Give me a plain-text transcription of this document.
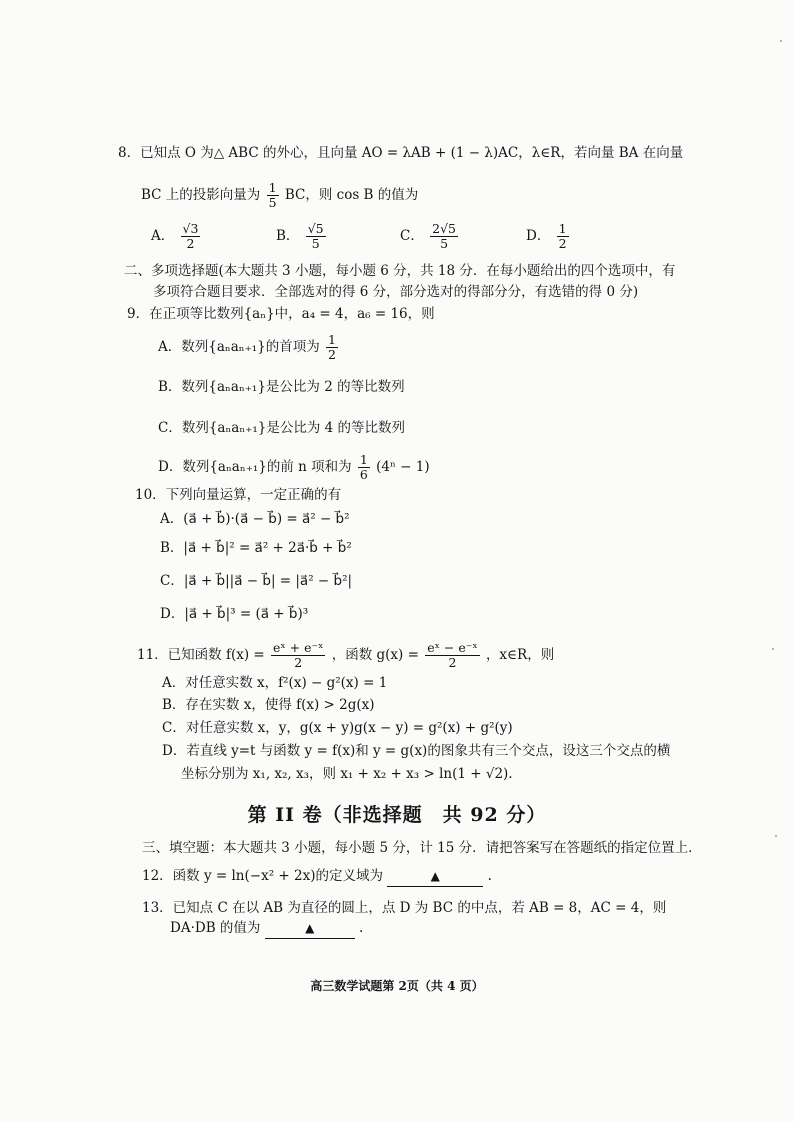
8．已知点 O 为△ ABC 的外心，且向量 AO = λAB + (1 − λ)AC，λ∈R，若向量 BA 在向量
BC 上的投影向量为 $\frac{1}{5}$ BC，则 cos B 的值为
A． $\frac{√3}{2}$	B． $\frac{√5}{5}$	C． $\frac{2√5}{5}$	D． $\frac{1}{2}$
二、多项选择题(本大题共 3 小题，每小题 6 分，共 18 分．在每小题给出的四个选项中，有
多项符合题目要求．全部选对的得 6 分，部分选对的得部分分，有选错的得 0 分)
9．在正项等比数列{aₙ}中，a₄ = 4，a₆ = 16，则
A．数列{aₙaₙ₊₁}的首项为 $\frac{1}{2}$
B．数列{aₙaₙ₊₁}是公比为 2 的等比数列
C．数列{aₙaₙ₊₁}是公比为 4 的等比数列
D．数列{aₙaₙ₊₁}的前 n 项和为 $\frac{1}{6} (4^n - 1)$
10．下列向量运算，一定正确的有
A．(a⃗ + b⃗)·(a⃗ − b⃗) = a⃗² − b⃗²
B．|a⃗ + b⃗|² = a⃗² + 2a⃗·b⃗ + b⃗²
C．|a⃗ + b⃗||a⃗ − b⃗| = |a⃗² − b⃗²|
D．|a⃗ + b⃗|³ = (a⃗ + b⃗)³
11．已知函数 $f(x) = \frac{\text{eˣ + e⁻ˣ}}{2}$ ，函数 $g(x) = \frac{\text{eˣ − e⁻ˣ}}{2}$ ，x∈R，则
A．对任意实数 x，f²(x) − g²(x) = 1
B．存在实数 x，使得 f(x) > 2g(x)
C．对任意实数 x，y，g(x + y)g(x − y) = g²(x) + g²(y)
D．若直线 y=t 与函数 y = f(x)和 y = g(x)的图象共有三个交点，设这三个交点的横
坐标分别为 x₁, x₂, x₃，则 x₁ + x₂ + x₃ > ln(1 + √2).
第 II 卷（非选择题　共 92 分）
三、填空题：本大题共 3 小题，每小题 5 分，计 15 分．请把答案写在答题纸的指定位置上．
12．函数 y = ln(−x² + 2x)的定义域为	▲	.
13．已知点 C 在以 AB 为直径的圆上，点 D 为 BC 的中点，若 AB = 8，AC = 4，则
DA·DB 的值为	▲	.
高三数学试题第 2页（共 4 页）
